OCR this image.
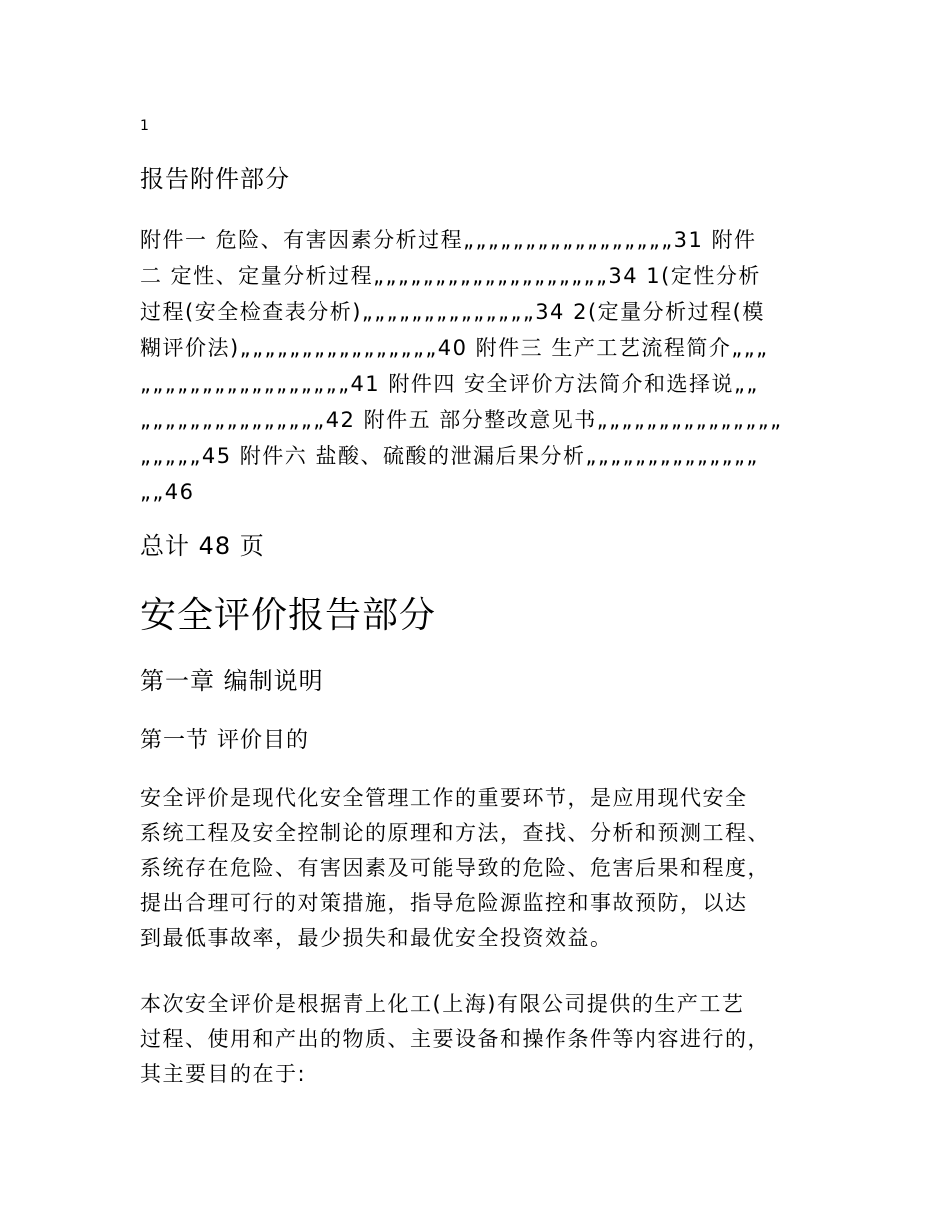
1
报告附件部分
附件一 危险、有害因素分析过程„„„„„„„„„„„„„„„„„31 附件
二 定性、定量分析过程„„„„„„„„„„„„„„„„„„„34 1(定性分析
过程(安全检查表分析)„„„„„„„„„„„„„„34 2(定量分析过程(模
糊评价法)„„„„„„„„„„„„„„„„40 附件三 生产工艺流程简介„„„
„„„„„„„„„„„„„„„„„41 附件四 安全评价方法简介和选择说„„
„„„„„„„„„„„„„„„42 附件五 部分整改意见书„„„„„„„„„„„„„„„
„„„„„45 附件六 盐酸、硫酸的泄漏后果分析„„„„„„„„„„„„„„
„„46
总计 48 页
安全评价报告部分
第一章 编制说明
第一节 评价目的
安全评价是现代化安全管理工作的重要环节，是应用现代安全
系统工程及安全控制论的原理和方法，查找、分析和预测工程、
系统存在危险、有害因素及可能导致的危险、危害后果和程度，
提出合理可行的对策措施，指导危险源监控和事故预防，以达
到最低事故率，最少损失和最优安全投资效益。
本次安全评价是根据青上化工(上海)有限公司提供的生产工艺
过程、使用和产出的物质、主要设备和操作条件等内容进行的，
其主要目的在于:
